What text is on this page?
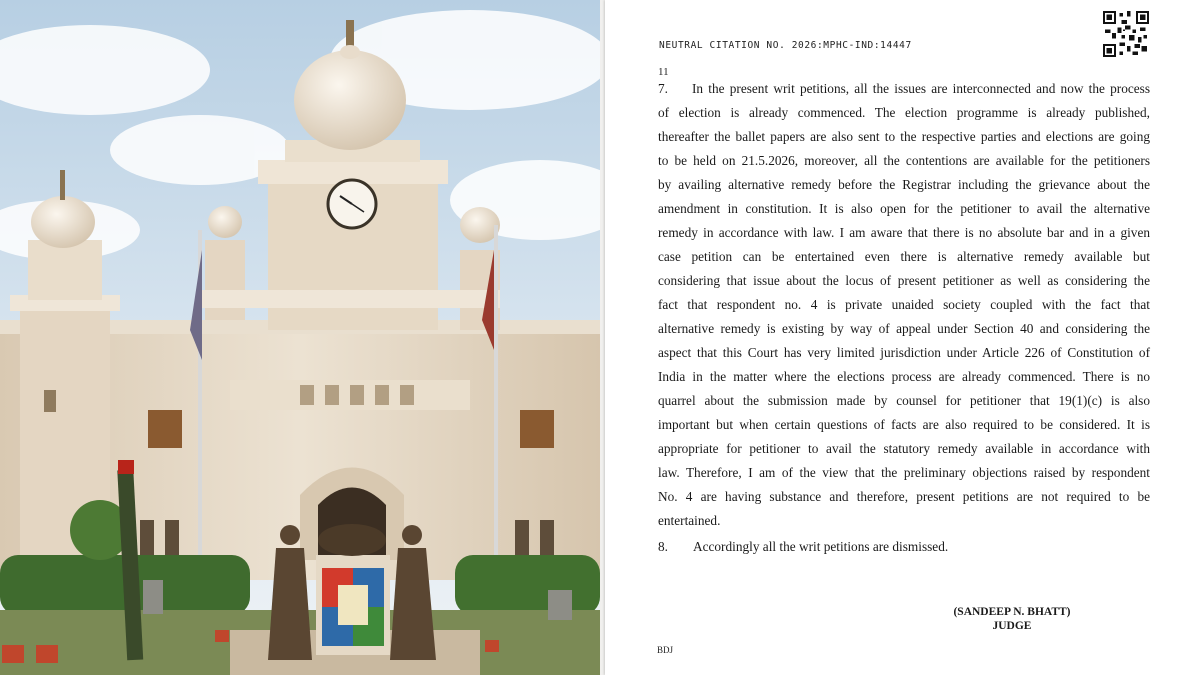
NEUTRAL CITATION NO. 2026:MPHC-IND:14447
11
7. In the present writ petitions, all the issues are interconnected and now the process
of election is already commenced. The election programme is already published,
thereafter the ballet papers are also sent to the respective parties and elections are going
to be held on 21.5.2026, moreover, all the contentions are available for the petitioners
by availing alternative remedy before the Registrar including the grievance about the
amendment in constitution. It is also open for the petitioner to avail the alternative
remedy in accordance with law. I am aware that there is no absolute bar and in a given
case petition can be entertained even there is alternative remedy available but
considering that issue about the locus of present petitioner as well as considering the
fact that respondent no. 4 is private unaided society coupled with the fact that
alternative remedy is existing by way of appeal under Section 40 and considering the
aspect that this Court has very limited jurisdiction under Article 226 of Constitution of
India in the matter where the elections process are already commenced. There is no
quarrel about the submission made by counsel for petitioner that 19(1)(c) is also
important but when certain questions of facts are also required to be considered. It is
appropriate for petitioner to avail the statutory remedy available in accordance with
law. Therefore, I am of the view that the preliminary objections raised by respondent
No. 4 are having substance and therefore, present petitions are not required to be
entertained.
8. Accordingly all the writ petitions are dismissed.
(SANDEEP N. BHATT)
JUDGE
BDJ
